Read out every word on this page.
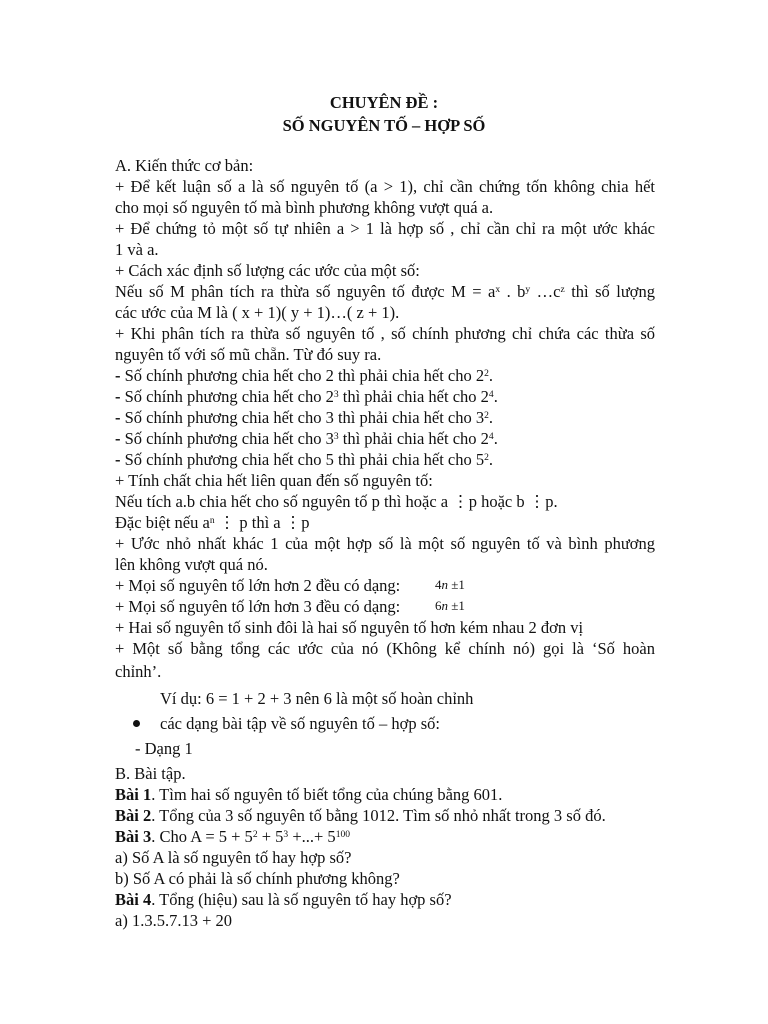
CHUYÊN ĐỀ :
SỐ NGUYÊN TỐ – HỢP SỐ
A. Kiến thức cơ bản:
+ Để kết luận số a là số nguyên tố (a > 1), chỉ cần chứng tốn không chia hết
cho mọi số nguyên tố mà bình phương không vượt quá a.
+ Để chứng tỏ một số tự nhiên a > 1 là hợp số , chỉ cần chỉ ra một ước khác
1 và a.
+ Cách xác định số lượng các ước của một số:
Nếu số M phân tích ra thừa số nguyên tố được $M = a^x$ . $b^y$ $\dots c^z$ thì số lượng
các ước của M là ( x + 1)( y + 1)…( z + 1).
+ Khi phân tích ra thừa số nguyên tố , số chính phương chỉ chứa các thừa số
nguyên tố với số mũ chẵn. Từ đó suy ra.
- Số chính phương chia hết cho 2 thì phải chia hết cho $2^2$.
- Số chính phương chia hết cho $2^3$ thì phải chia hết cho $2^4$.
- Số chính phương chia hết cho 3 thì phải chia hết cho $3^2$.
- Số chính phương chia hết cho $3^3$ thì phải chia hết cho $2^4$.
- Số chính phương chia hết cho 5 thì phải chia hết cho $5^2$.
+ Tính chất chia hết liên quan đến số nguyên tố:
Nếu tích a.b chia hết cho số nguyên tố p thì hoặc a ⋮p hoặc b ⋮p.
Đặc biệt nếu $a^n$ ⋮ p thì a ⋮p
+ Ước nhỏ nhất khác 1 của một hợp số là một số nguyên tố và bình phương
lên không vượt quá nó.
+ Mọi số nguyên tố lớn hơn 2 đều có dạng:	4n ±1
+ Mọi số nguyên tố lớn hơn 3 đều có dạng:	6n ±1
+ Hai số nguyên tố sinh đôi là hai số nguyên tố hơn kém nhau 2 đơn vị
+ Một số bằng tổng các ước của nó (Không kể chính nó) gọi là ‘Số hoàn
chỉnh’.
Ví dụ: 6 = 1 + 2 + 3 nên 6 là một số hoàn chỉnh
các dạng bài tập về số nguyên tố – hợp số:
- Dạng 1
B. Bài tập.
Bài 1. Tìm hai số nguyên tố biết tổng của chúng bằng 601.
Bài 2. Tổng của 3 số nguyên tố bằng 1012. Tìm số nhỏ nhất trong 3 số đó.
Bài 3. Cho $A = 5 + 5^2 + 5^3$ +...+ $5^{100}$
a) Số A là số nguyên tố hay hợp số?
b) Số A có phải là số chính phương không?
Bài 4. Tổng (hiệu) sau là số nguyên tố hay hợp số?
a) 1.3.5.7.13 + 20
